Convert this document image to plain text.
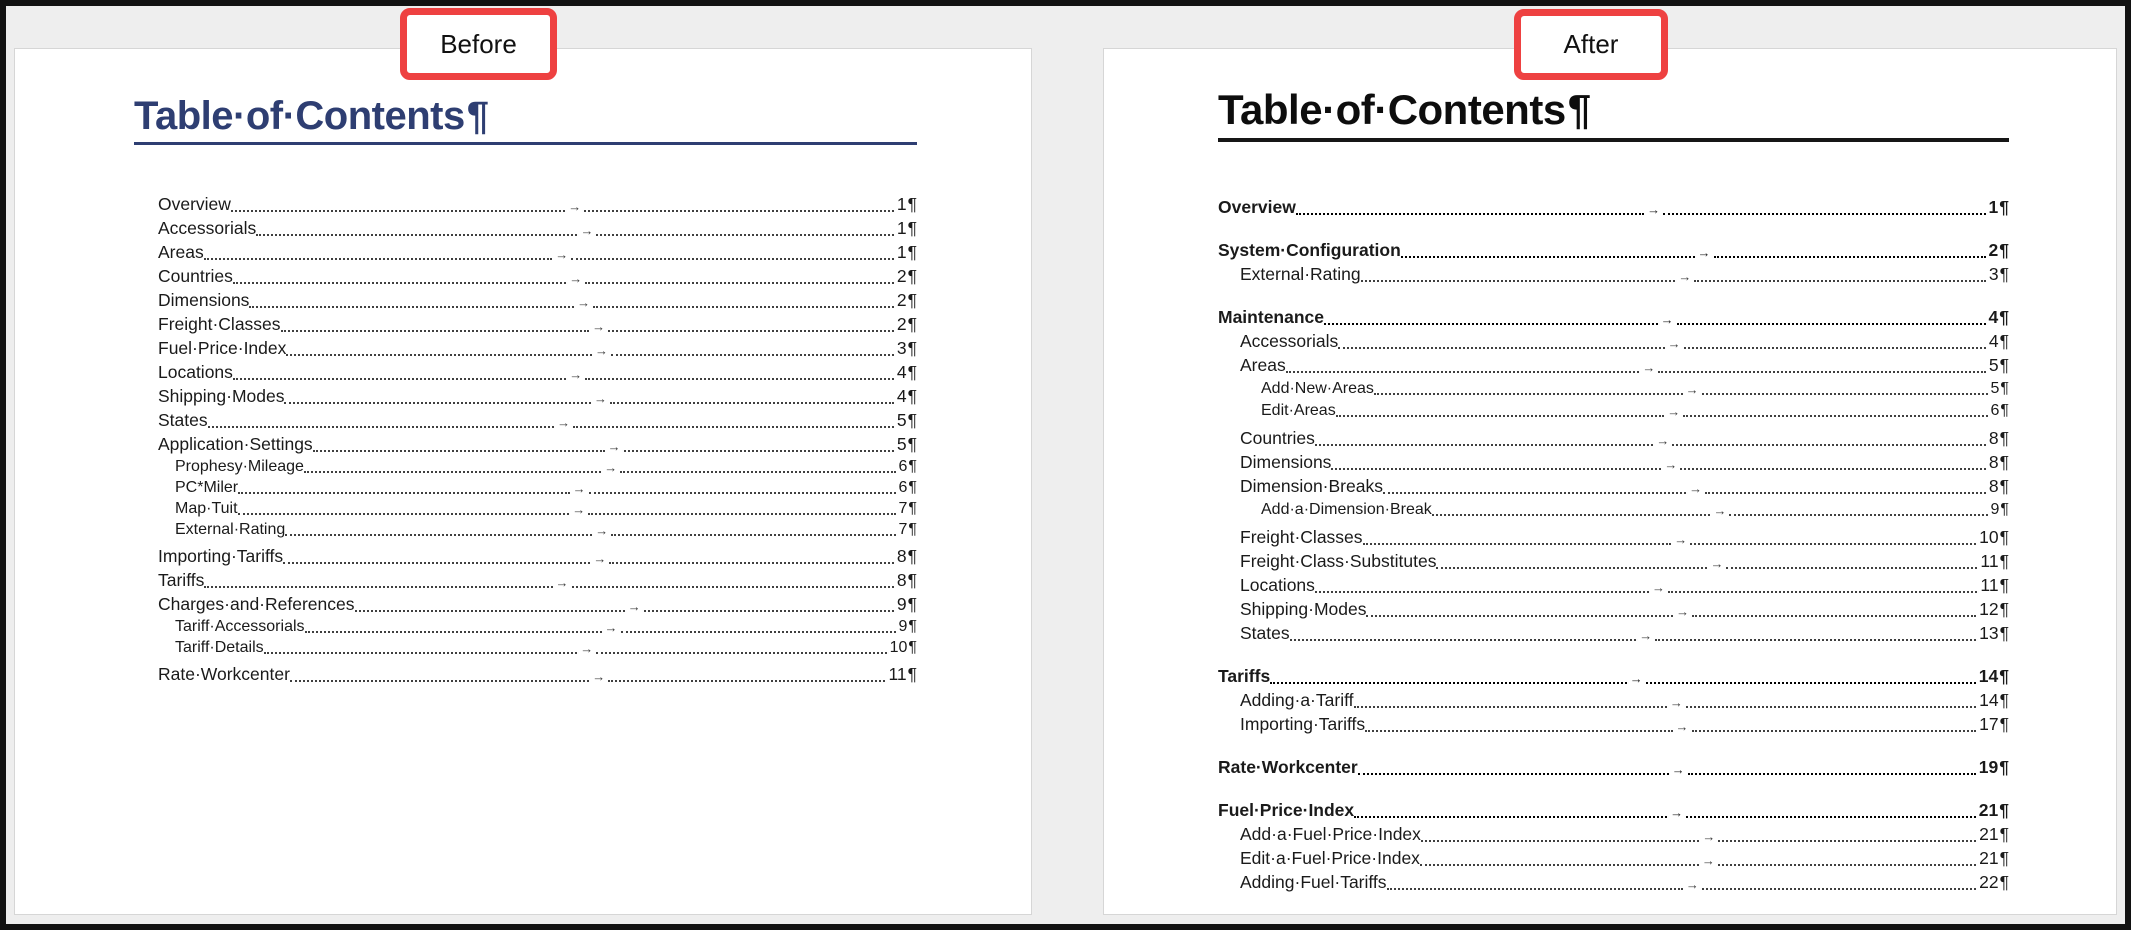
Table·of·Contents¶
Overview	→	1 ¶
Accessorials	→	1 ¶
Areas	→	1 ¶
Countries	→	2 ¶
Dimensions	→	2 ¶
Freight·Classes	→	2 ¶
Fuel·Price·Index	→	3 ¶
Locations	→	4 ¶
Shipping·Modes	→	4 ¶
States	→	5 ¶
Application·Settings	→	5 ¶
Prophesy·Mileage	→	6 ¶
PC*Miler	→	6 ¶
Map·Tuit	→	7 ¶
External·Rating	→	7 ¶
Importing·Tariffs	→	8 ¶
Tariffs	→	8 ¶
Charges·and·References	→	9 ¶
Tariff·Accessorials	→	9 ¶
Tariff·Details	→	10 ¶
Rate·Workcenter	→	11 ¶
Table·of·Contents¶
Overview	→	1 ¶
System·Configuration	→	2 ¶
External·Rating	→	3 ¶
Maintenance	→	4 ¶
Accessorials	→	4 ¶
Areas	→	5 ¶
Add·New·Areas	→	5 ¶
Edit·Areas	→	6 ¶
Countries	→	8 ¶
Dimensions	→	8 ¶
Dimension·Breaks	→	8 ¶
Add·a·Dimension·Break	→	9 ¶
Freight·Classes	→	10 ¶
Freight·Class·Substitutes	→	11 ¶
Locations	→	11 ¶
Shipping·Modes	→	12 ¶
States	→	13 ¶
Tariffs	→	14 ¶
Adding·a·Tariff	→	14 ¶
Importing·Tariffs	→	17 ¶
Rate·Workcenter	→	19 ¶
Fuel·Price·Index	→	21 ¶
Add·a·Fuel·Price·Index	→	21 ¶
Edit·a·Fuel·Price·Index	→	21 ¶
Adding·Fuel·Tariffs	→	22 ¶
Before	After
